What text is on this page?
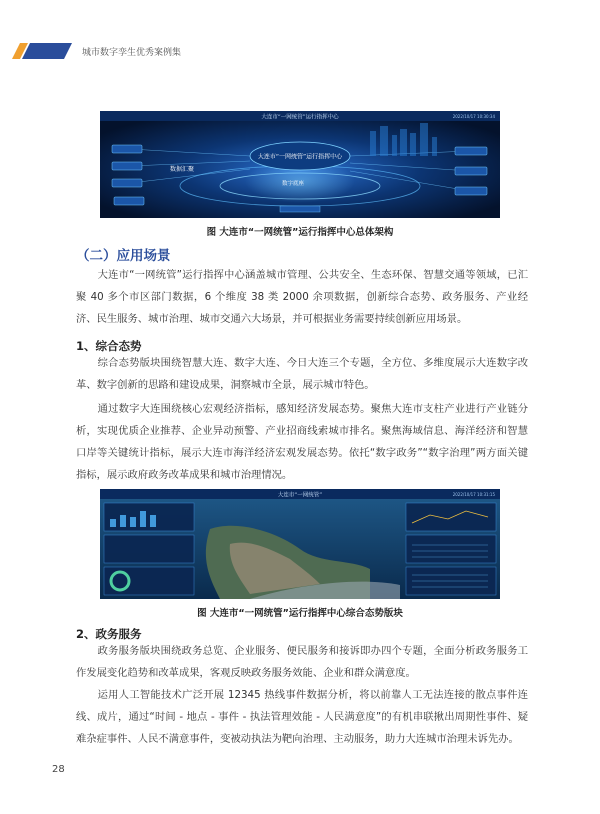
城市数字孪生优秀案例集
大连市“一网统管”运行指挥中心	2022/10/17 10:30:34
大连市“一网统管”运行指挥中心
数据汇聚
数字底座
图 大连市“一网统管”运行指挥中心总体架构
（二）应用场景

大连市“一网统管”运行指挥中心涵盖城市管理、公共安全、生态环保、智慧交通等领域，已汇聚 40 多个市区部门数据，6 个维度 38 类 2000 余项数据，创新综合态势、政务服务、产业经济、民生服务、城市治理、城市交通六大场景，并可根据业务需要持续创新应用场景。

1、综合态势

综合态势版块围绕智慧大连、数字大连、今日大连三个专题，全方位、多维度展示大连数字改革、数字创新的思路和建设成果，洞察城市全景，展示城市特色。

通过数字大连围绕核心宏观经济指标，感知经济发展态势。聚焦大连市支柱产业进行产业链分析，实现优质企业推荐、企业异动预警、产业招商线索城市排名。聚焦海域信息、海洋经济和智慧口岸等关键统计指标，展示大连市海洋经济宏观发展态势。依托“数字政务”“数字治理”两方面关键指标，展示政府政务改革成果和城市治理情况。

大连市“一网统管”	2022/10/17 10:31:15
图 大连市“一网统管”运行指挥中心综合态势版块
2、政务服务

政务服务版块围绕政务总览、企业服务、便民服务和接诉即办四个专题，全面分析政务服务工作发展变化趋势和改革成果，客观反映政务服务效能、企业和群众满意度。

运用人工智能技术广泛开展 12345 热线事件数据分析，将以前靠人工无法连接的散点事件连线、成片，通过“时间 - 地点 - 事件 - 执法管理效能 - 人民满意度”的有机串联揪出周期性事件、疑难杂症事件、人民不满意事件，变被动执法为靶向治理、主动服务，助力大连城市治理未诉先办。

28
